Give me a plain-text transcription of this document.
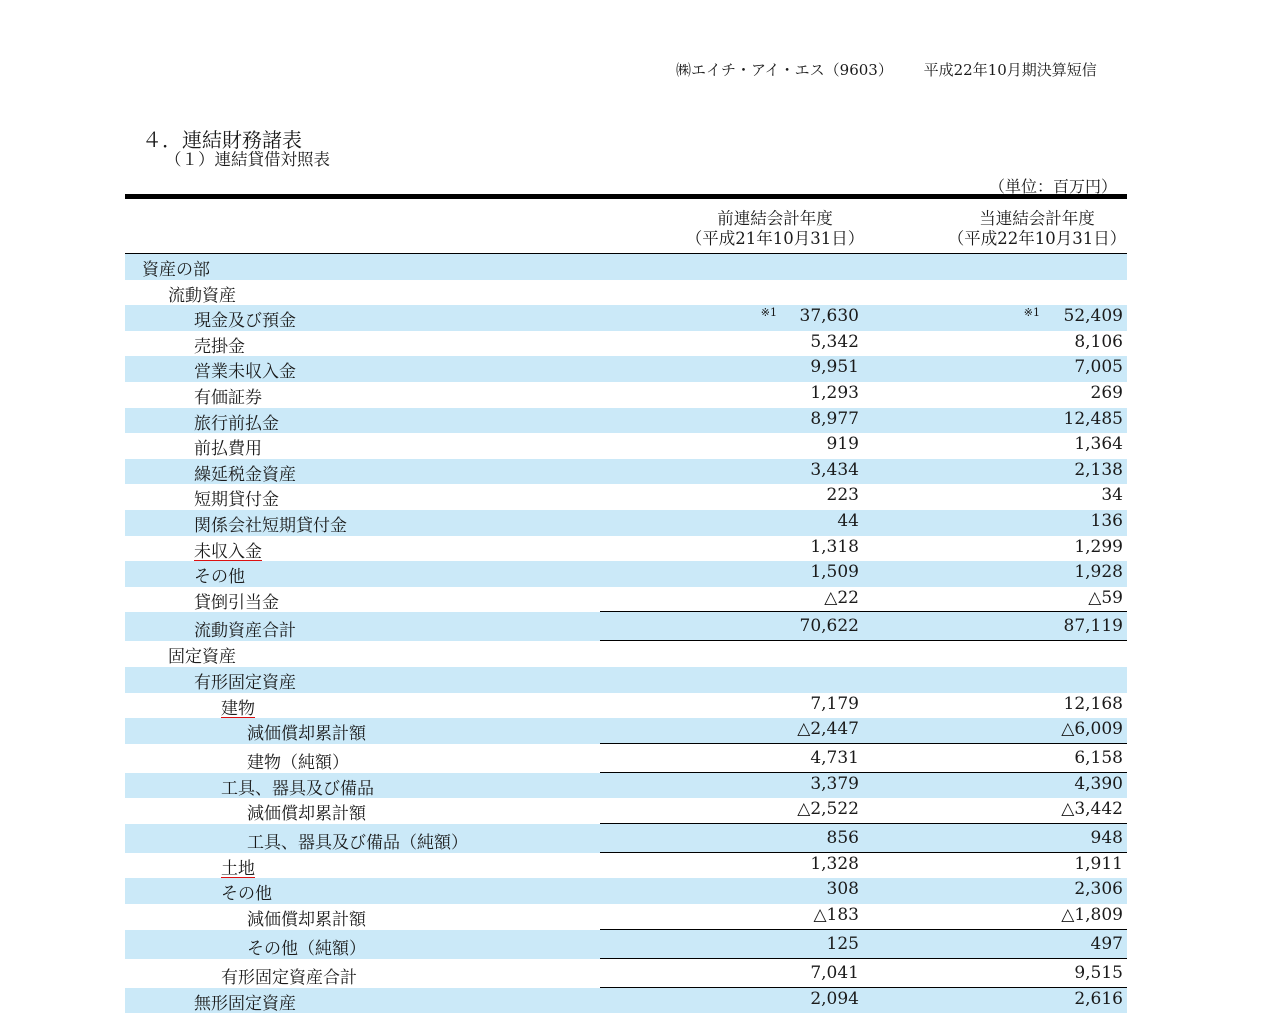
㈱エイチ・アイ・エス（9603） 平成22年10月期決算短信
４．連結財務諸表
（１）連結貸借対照表
（単位：百万円）
前連結会計年度
（平成21年10月31日）
当連結会計年度
（平成22年10月31日）
資産の部
流動資産
現金及び預金	※1 37,630	※1 52,409
売掛金	5,342	8,106
営業未収入金	9,951	7,005
有価証券	1,293	269
旅行前払金	8,977	12,485
前払費用	919	1,364
繰延税金資産	3,434	2,138
短期貸付金	223	34
関係会社短期貸付金	44	136
未収入金	1,318	1,299
その他	1,509	1,928
貸倒引当金	△22	△59
流動資産合計	70,622	87,119
固定資産
有形固定資産
建物	7,179	12,168
減価償却累計額	△2,447	△6,009
建物（純額）	4,731	6,158
工具、器具及び備品	3,379	4,390
減価償却累計額	△2,522	△3,442
工具、器具及び備品（純額）	856	948
土地	1,328	1,911
その他	308	2,306
減価償却累計額	△183	△1,809
その他（純額）	125	497
有形固定資産合計	7,041	9,515
無形固定資産	2,094	2,616
